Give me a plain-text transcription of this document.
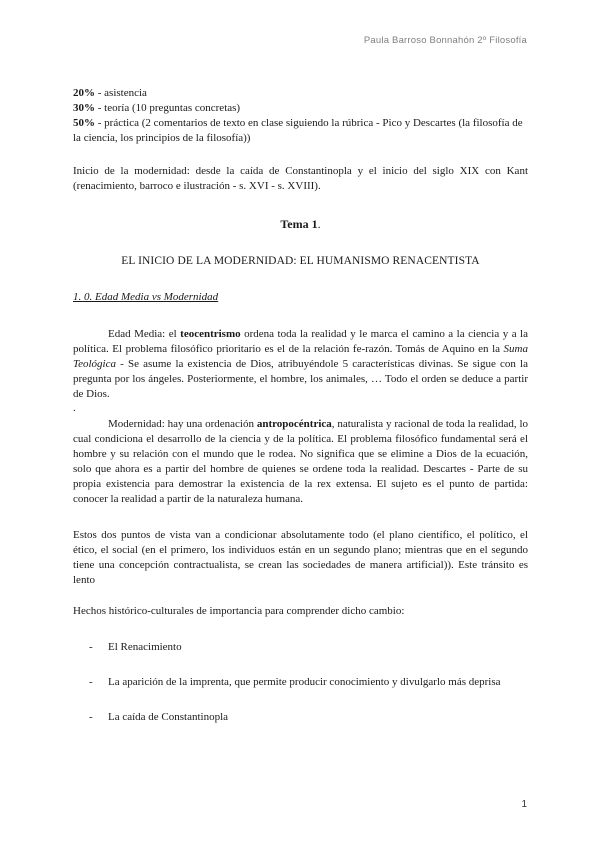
Paula Barroso Bonnahón 2º Filosofía

20% - asistencia

30% - teoría (10 preguntas concretas)

50% - práctica (2 comentarios de texto en clase siguiendo la rúbrica - Pico y Descartes (la filosofía de la ciencia, los principios de la filosofía))

Inicio de la modernidad: desde la caída de Constantinopla y el inicio del siglo XIX con Kant (renacimiento, barroco e ilustración - s. XVI - s. XVIII).

Tema 1.
EL INICIO DE LA MODERNIDAD: EL HUMANISMO RENACENTISTA
1. 0. Edad Media vs Modernidad

Edad Media: el teocentrismo ordena toda la realidad y le marca el camino a la ciencia y a la política. El problema filosófico prioritario es el de la relación fe-razón. Tomás de Aquino en la Suma Teológica - Se asume la existencia de Dios, atribuyéndole 5 características divinas. Se sigue con la pregunta por los ángeles. Posteriormente, el hombre, los animales, … Todo el orden se deduce a partir de Dios.

.

Modernidad: hay una ordenación antropocéntrica, naturalista y racional de toda la realidad, lo cual condiciona el desarrollo de la ciencia y de la política. El problema filosófico fundamental será el hombre y su relación con el mundo que le rodea. No significa que se elimine a Dios de la ecuación, solo que ahora es a partir del hombre de quienes se ordene toda la realidad. Descartes - Parte de su propia existencia para demostrar la existencia de la rex extensa. El sujeto es el punto de partida: conocer la realidad a partir de la naturaleza humana.

Estos dos puntos de vista van a condicionar absolutamente todo (el plano científico, el político, el ético, el social (en el primero, los individuos están en un segundo plano; mientras que en el segundo tiene una concepción contractualista, se crean las sociedades de manera artificial)). Este tránsito es lento

Hechos histórico-culturales de importancia para comprender dicho cambio:

- El Renacimiento
- La aparición de la imprenta, que permite producir conocimiento y divulgarlo más deprisa
- La caída de Constantinopla
1
